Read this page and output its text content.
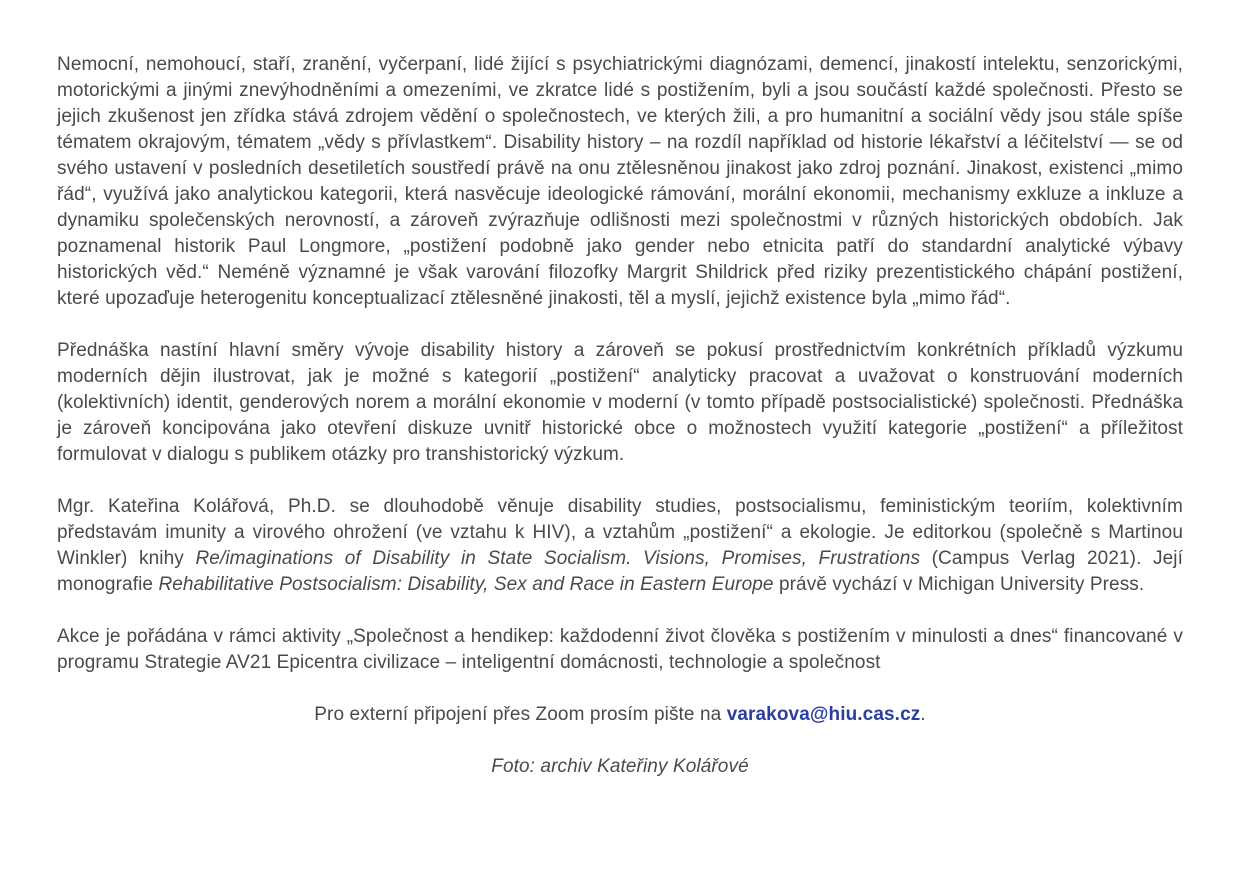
Nemocní, nemohoucí, staří, zranění, vyčerpaní, lidé žijící s psychiatrickými diagnózami, demencí, jinakostí intelektu, senzorickými, motorickými a jinými znevýhodněními a omezeními, ve zkratce lidé s postižením, byli a jsou součástí každé společnosti. Přesto se jejich zkušenost jen zřídka stává zdrojem vědění o společnostech, ve kterých žili, a pro humanitní a sociální vědy jsou stále spíše tématem okrajovým, tématem „vědy s přívlastkem“. Disability history – na rozdíl například od historie lékařství a léčitelství — se od svého ustavení v posledních desetiletích soustředí právě na onu ztělesněnou jinakost jako zdroj poznání. Jinakost, existenci „mimo řád“, využívá jako analytickou kategorii, která nasvěcuje ideologické rámování, morální ekonomii, mechanismy exkluze a inkluze a dynamiku společenských nerovností, a zároveň zvýrazňuje odlišnosti mezi společnostmi v různých historických obdobích. Jak poznamenal historik Paul Longmore, „postižení podobně jako gender nebo etnicita patří do standardní analytické výbavy historických věd.“ Neméně významné je však varování filozofky Margrit Shildrick před riziky prezentistického chápání postižení, které upozaďuje heterogenitu konceptualizací ztělesněné jinakosti, těl a myslí, jejichž existence byla „mimo řád“.

Přednáška nastíní hlavní směry vývoje disability history a zároveň se pokusí prostřednictvím konkrétních příkladů výzkumu moderních dějin ilustrovat, jak je možné s kategorií „postižení“ analyticky pracovat a uvažovat o konstruování moderních (kolektivních) identit, genderových norem a morální ekonomie v moderní (v tomto případě postsocialistické) společnosti. Přednáška je zároveň koncipována jako otevření diskuze uvnitř historické obce o možnostech využití kategorie „postižení“ a příležitost formulovat v dialogu s publikem otázky pro transhistorický výzkum.

Mgr. Kateřina Kolářová, Ph.D. se dlouhodobě věnuje disability studies, postsocialismu, feministickým teoriím, kolektivním představám imunity a virového ohrožení (ve vztahu k HIV), a vztahům „postižení“ a ekologie. Je editorkou (společně s Martinou Winkler) knihy Re/imaginations of Disability in State Socialism. Visions, Promises, Frustrations (Campus Verlag 2021). Její monografie Rehabilitative Postsocialism: Disability, Sex and Race in Eastern Europe právě vychází v Michigan University Press.

Akce je pořádána v rámci aktivity „Společnost a hendikep: každodenní život člověka s postižením v minulosti a dnes“ financované v programu Strategie AV21 Epicentra civilizace – inteligentní domácnosti, technologie a společnost

Pro externí připojení přes Zoom prosím pište na varakova@hiu.cas.cz.

Foto: archiv Kateřiny Kolářové
